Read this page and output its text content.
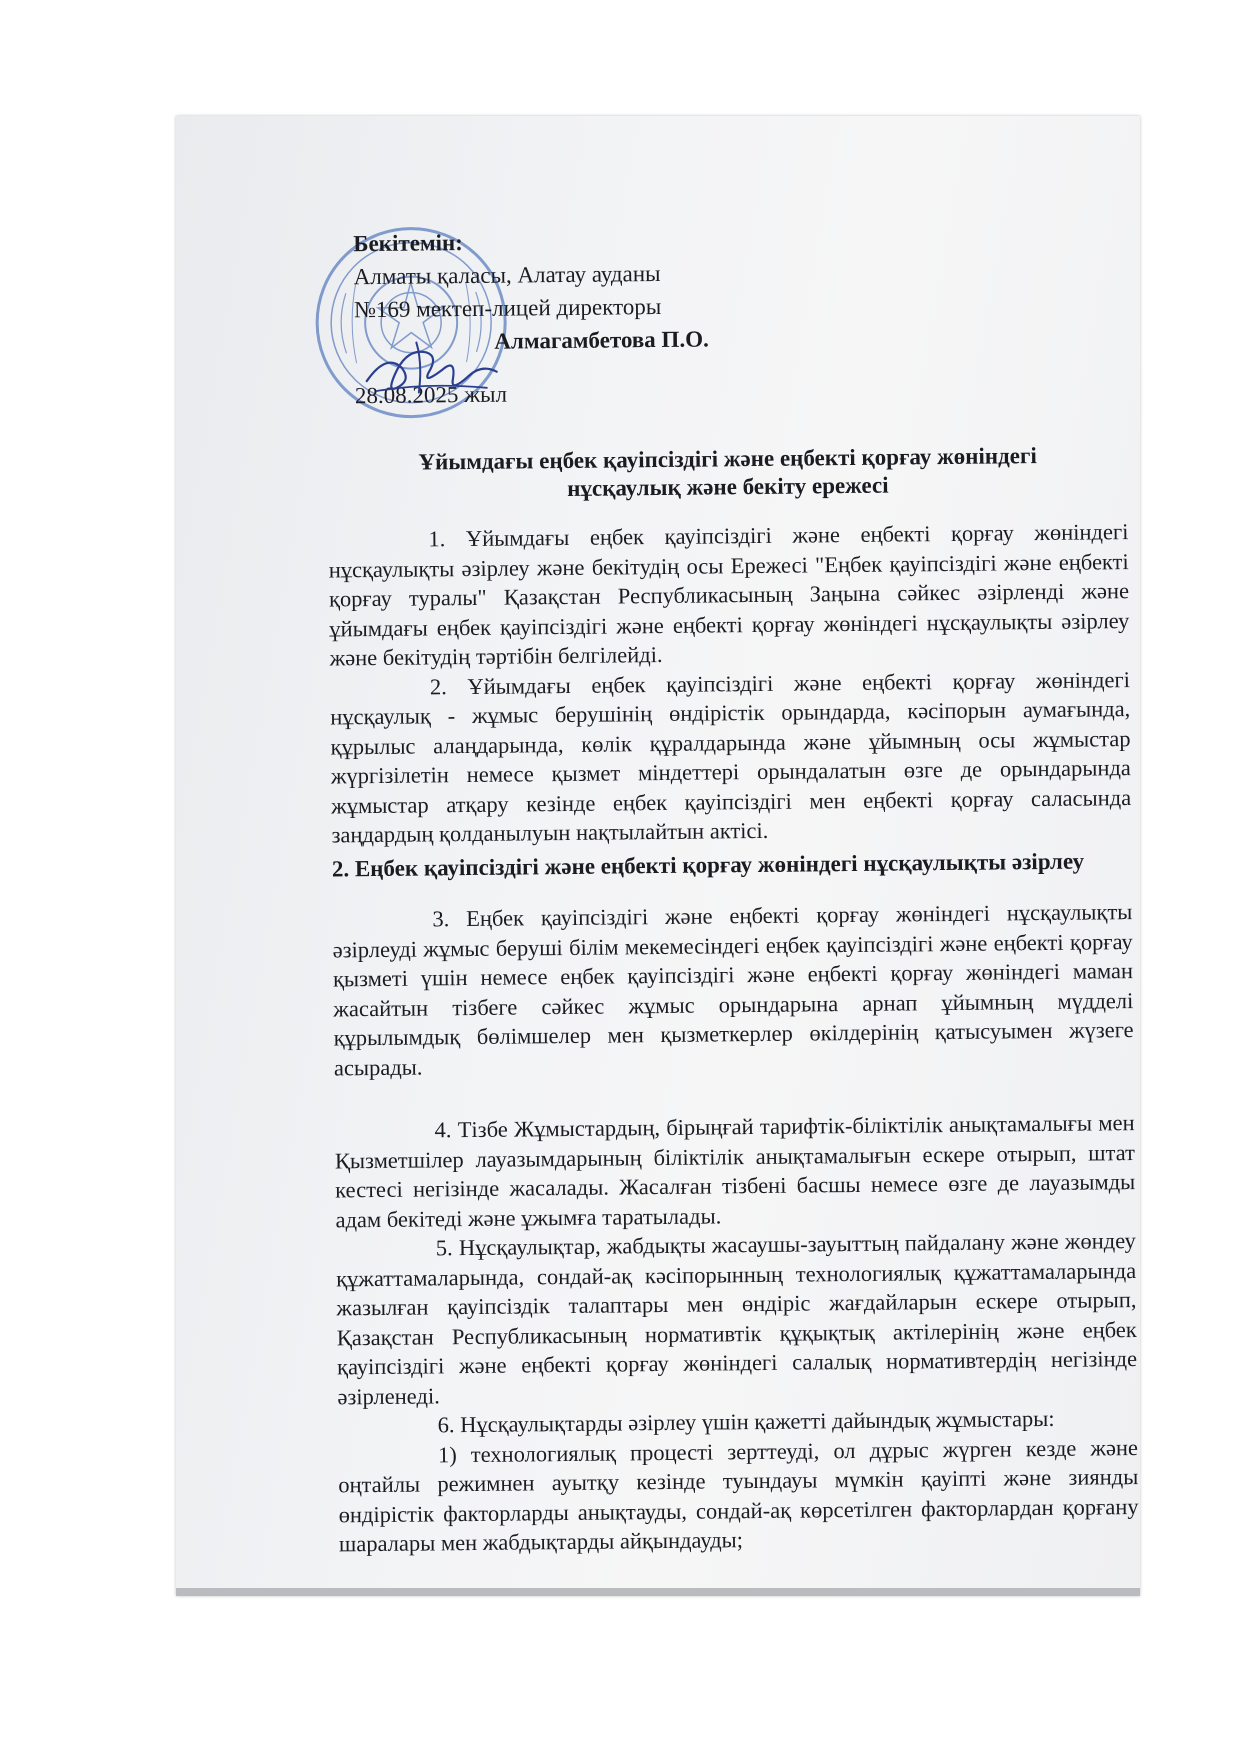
Бекітемін:
Алматы қаласы, Алатау ауданы
№169 мектеп-лицей директоры
Алмагамбетова П.О.
28.08.2025 жыл
Ұйымдағы еңбек қауіпсіздігі және еңбекті қорғау жөніндегі
нұсқаулық және бекіту ережесі

1. Ұйымдағы еңбек қауіпсіздігі және еңбекті қорғау жөніндегі нұсқаулықты әзірлеу және бекітудің осы Ережесі "Еңбек қауіпсіздігі және еңбекті қорғау туралы" Қазақстан Республикасының Заңына сәйкес әзірленді және ұйымдағы еңбек қауіпсіздігі және еңбекті қорғау жөніндегі нұсқаулықты әзірлеу және бекітудің тәртібін белгілейді.

2. Ұйымдағы еңбек қауіпсіздігі және еңбекті қорғау жөніндегі нұсқаулық - жұмыс берушінің өндірістік орындарда, кәсіпорын аумағында, құрылыс алаңдарында, көлік құралдарында және ұйымның осы жұмыстар жүргізілетін немесе қызмет міндеттері орындалатын өзге де орындарында жұмыстар атқару кезінде еңбек қауіпсіздігі мен еңбекті қорғау саласында заңдардың қолданылуын нақтылайтын актісі.

2. Еңбек қауіпсіздігі және еңбекті қорғау жөніндегі нұсқаулықты әзірлеу

3. Еңбек қауіпсіздігі және еңбекті қорғау жөніндегі нұсқаулықты әзірлеуді жұмыс беруші білім мекемесіндегі еңбек қауіпсіздігі және еңбекті қорғау қызметі үшін немесе еңбек қауіпсіздігі және еңбекті қорғау жөніндегі маман жасайтын тізбеге сәйкес жұмыс орындарына арнап ұйымның мүдделі құрылымдық бөлімшелер мен қызметкерлер өкілдерінің қатысуымен жүзеге асырады.

4. Тізбе Жұмыстардың, бірыңғай тарифтік-біліктілік анықтамалығы мен Қызметшілер лауазымдарының біліктілік анықтамалығын ескере отырып, штат кестесі негізінде жасалады. Жасалған тізбені басшы немесе өзге де лауазымды адам бекітеді және ұжымға таратылады.

5. Нұсқаулықтар, жабдықты жасаушы-зауыттың пайдалану және жөндеу құжаттамаларында, сондай-ақ кәсіпорынның технологиялық құжаттамаларында жазылған қауіпсіздік талаптары мен өндіріс жағдайларын ескере отырып, Қазақстан Республикасының нормативтік құқықтық актілерінің және еңбек қауіпсіздігі және еңбекті қорғау жөніндегі салалық нормативтердің негізінде әзірленеді.

6. Нұсқаулықтарды әзірлеу үшін қажетті дайындық жұмыстары:

1) технологиялық процесті зерттеуді, ол дұрыс жүрген кезде және оңтайлы режимнен ауытқу кезінде туындауы мүмкін қауіпті және зиянды өндірістік факторларды анықтауды, сондай-ақ көрсетілген факторлардан қорғану шаралары мен жабдықтарды айқындауды;
